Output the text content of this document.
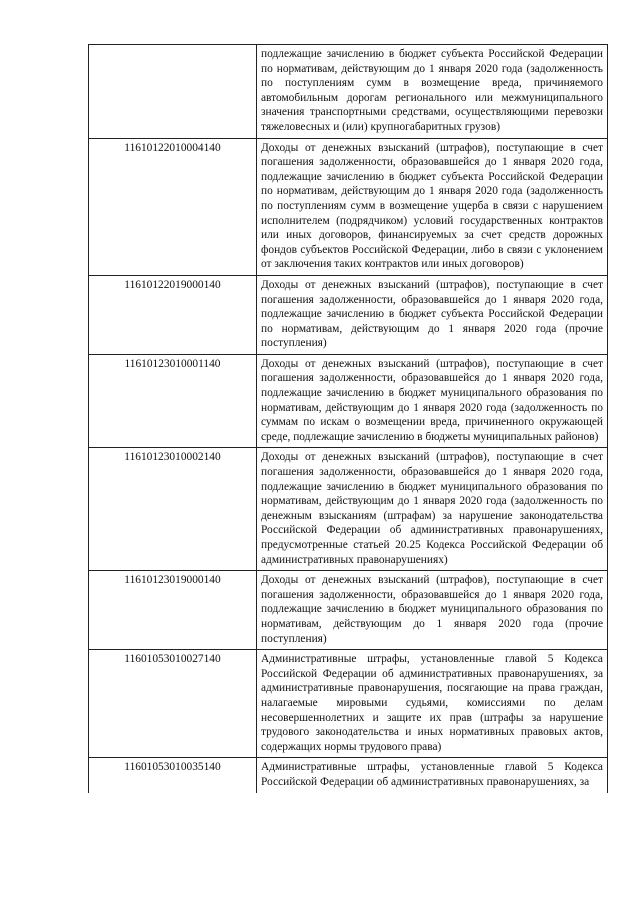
	подлежащие зачислению в бюджет субъекта Российской Федерации по нормативам, действующим до 1 января 2020 года (задолженность по поступлениям сумм в возмещение вреда, причиняемого автомобильным дорогам регионального или межмуниципального значения транспортными средствами, осуществляющими перевозки тяжеловесных и (или) крупногабаритных грузов)
11610122010004140	Доходы от денежных взысканий (штрафов), поступающие в счет погашения задолженности, образовавшейся до 1 января 2020 года, подлежащие зачислению в бюджет субъекта Российской Федерации по нормативам, действующим до 1 января 2020 года (задолженность по поступлениям сумм в возмещение ущерба в связи с нарушением исполнителем (подрядчиком) условий государственных контрактов или иных договоров, финансируемых за счет средств дорожных фондов субъектов Российской Федерации, либо в связи с уклонением от заключения таких контрактов или иных договоров)
11610122019000140	Доходы от денежных взысканий (штрафов), поступающие в счет погашения задолженности, образовавшейся до 1 января 2020 года, подлежащие зачислению в бюджет субъекта Российской Федерации по нормативам, действующим до 1 января 2020 года (прочие поступления)
11610123010001140	Доходы от денежных взысканий (штрафов), поступающие в счет погашения задолженности, образовавшейся до 1 января 2020 года, подлежащие зачислению в бюджет муниципального образования по нормативам, действующим до 1 января 2020 года (задолженность по суммам по искам о возмещении вреда, причиненного окружающей среде, подлежащие зачислению в бюджеты муниципальных районов)
11610123010002140	Доходы от денежных взысканий (штрафов), поступающие в счет погашения задолженности, образовавшейся до 1 января 2020 года, подлежащие зачислению в бюджет муниципального образования по нормативам, действующим до 1 января 2020 года (задолженность по денежным взысканиям (штрафам) за нарушение законодательства Российской Федерации об административных правонарушениях, предусмотренные статьей 20.25 Кодекса Российской Федерации об административных правонарушениях)
11610123019000140	Доходы от денежных взысканий (штрафов), поступающие в счет погашения задолженности, образовавшейся до 1 января 2020 года, подлежащие зачислению в бюджет муниципального образования по нормативам, действующим до 1 января 2020 года (прочие поступления)
11601053010027140	Административные штрафы, установленные главой 5 Кодекса Российской Федерации об административных правонарушениях, за административные правонарушения, посягающие на права граждан, налагаемые мировыми судьями, комиссиями по делам несовершеннолетних и защите их прав (штрафы за нарушение трудового законодательства и иных нормативных правовых актов, содержащих нормы трудового права)
11601053010035140	Административные штрафы, установленные главой 5 Кодекса Российской Федерации об административных правонарушениях, за
